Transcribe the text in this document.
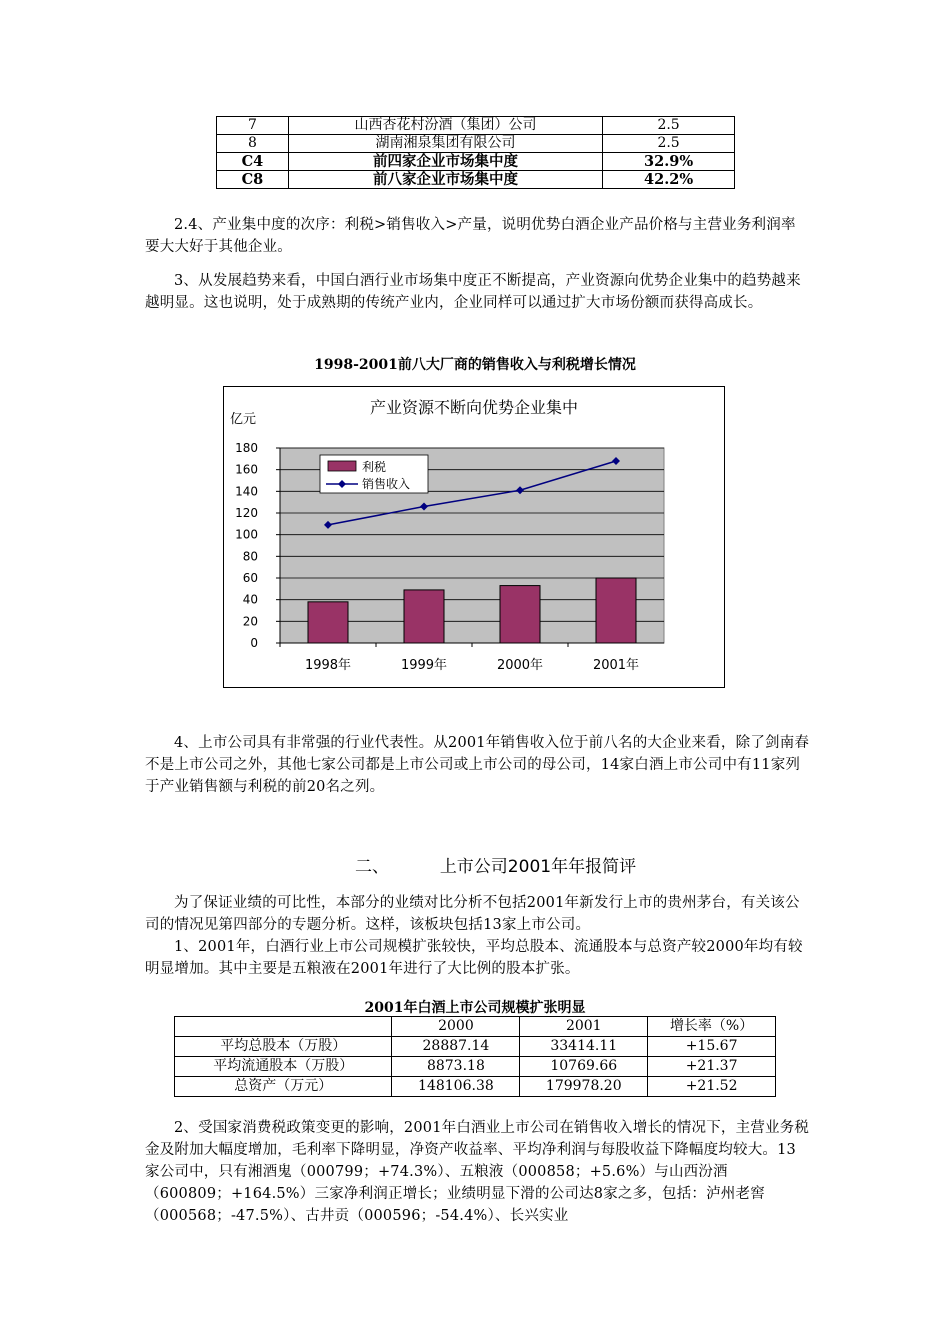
7	山西杏花村汾酒（集团）公司	2.5
8	湖南湘泉集团有限公司	2.5
C4	前四家企业市场集中度	32.9%
C8	前八家企业市场集中度	42.2%

2.4、产业集中度的次序：利税>销售收入>产量，说明优势白酒企业产品价格与主营业务利润率要大大好于其他企业。

3、从发展趋势来看，中国白酒行业市场集中度正不断提高，产业资源向优势企业集中的趋势越来越明显。这也说明，处于成熟期的传统产业内，企业同样可以通过扩大市场份额而获得高成长。

1998-2001前八大厂商的销售收入与利税增长情况
产业资源不断向优势企业集中
亿元
0
20
40
60
80
100
120
140
160
180
1998年	1999年	2000年	2001年
利税
销售收入

4、上市公司具有非常强的行业代表性。从2001年销售收入位于前八名的大企业来看，除了剑南春不是上市公司之外，其他七家公司都是上市公司或上市公司的母公司，14家白酒上市公司中有11家列于产业销售额与利税的前20名之列。

二、	上市公司2001年年报简评

为了保证业绩的可比性，本部分的业绩对比分析不包括2001年新发行上市的贵州茅台，有关该公司的情况见第四部分的专题分析。这样，该板块包括13家上市公司。

1、2001年，白酒行业上市公司规模扩张较快，平均总股本、流通股本与总资产较2000年均有较明显增加。其中主要是五粮液在2001年进行了大比例的股本扩张。

2001年白酒上市公司规模扩张明显
	2000	2001	增长率（%）
平均总股本（万股）	28887.14	33414.11	+15.67
平均流通股本（万股）	8873.18	10769.66	+21.37
总资产（万元）	148106.38	179978.20	+21.52

2、受国家消费税政策变更的影响，2001年白酒业上市公司在销售收入增长的情况下，主营业务税金及附加大幅度增加，毛利率下降明显，净资产收益率、平均净利润与每股收益下降幅度均较大。13家公司中，只有湘酒鬼（000799；+74.3%）、五粮液（000858；+5.6%）与山西汾酒（600809；+164.5%）三家净利润正增长；业绩明显下滑的公司达8家之多，包括：泸州老窖（000568；-47.5%）、古井贡（000596；-54.4%）、长兴实业
